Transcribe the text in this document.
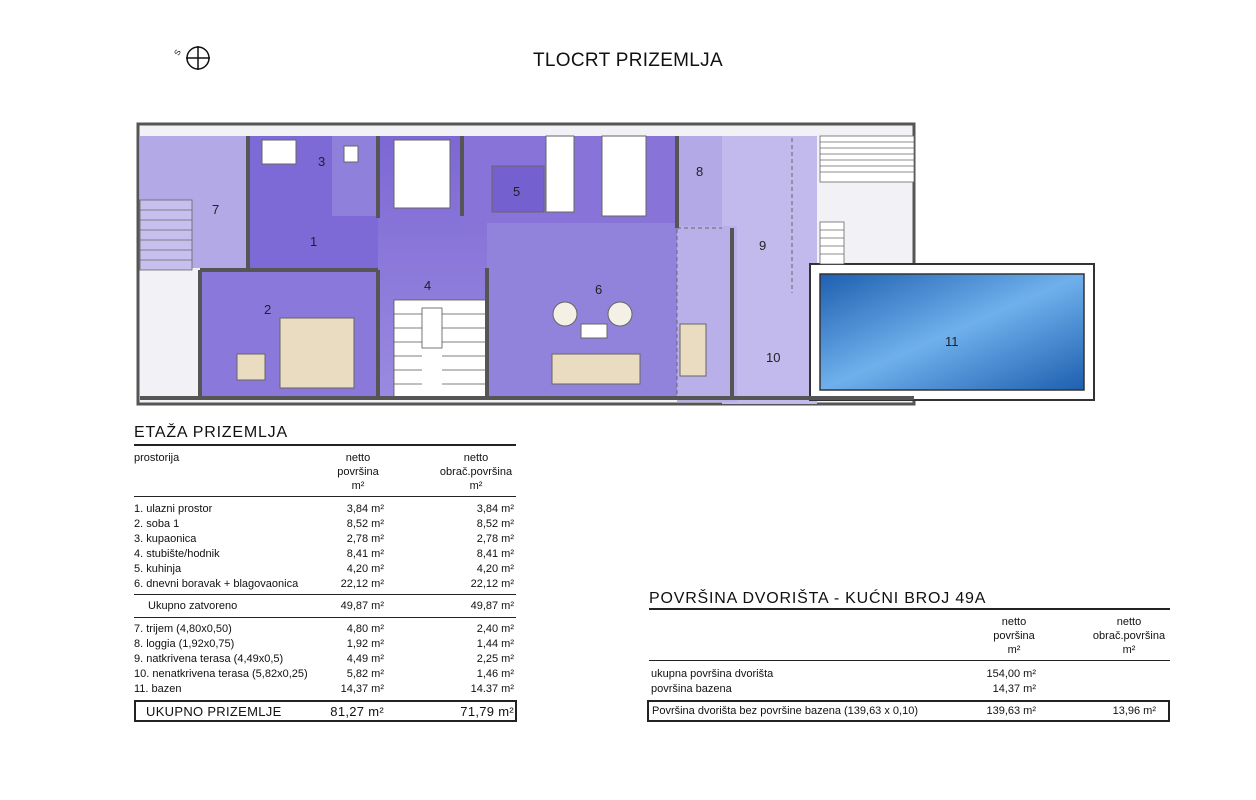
TLOCRT PRIZEMLJA
S
1
2
3
4
5
6
7
8
9
10
11
ETAŽA PRIZEMLJA
prostorija	netto
površina
m²
netto
obrač.površina
m²
1. ulazni prostor	3,84 m²	3,84 m²
2. soba 1	8,52 m²	8,52 m²
3. kupaonica	2,78 m²	2,78 m²
4. stubište/hodnik	8,41 m²	8,41 m²
5. kuhinja	4,20 m²	4,20 m²
6. dnevni boravak + blagovaonica	22,12 m²	22,12 m²
Ukupno zatvoreno	49,87 m²	49,87 m²
7. trijem (4,80x0,50)	4,80 m²	2,40 m²
8. loggia (1,92x0,75)	1,92 m²	1,44 m²
9. natkrivena terasa (4,49x0,5)	4,49 m²	2,25 m²
10. nenatkrivena terasa (5,82x0,25)	5,82 m²	1,46 m²
11. bazen	14,37 m²	14.37 m²
UKUPNO PRIZEMLJE	81,27 m²	71,79 m²
POVRŠINA DVORIŠTA - KUĆNI BROJ 49A
netto
površina
m²
netto
obrač.površina
m²
ukupna površina dvorišta	154,00 m²
površina bazena	14,37 m²
Površina dvorišta bez površine bazena (139,63 x 0,10)	139,63 m²	13,96 m²
